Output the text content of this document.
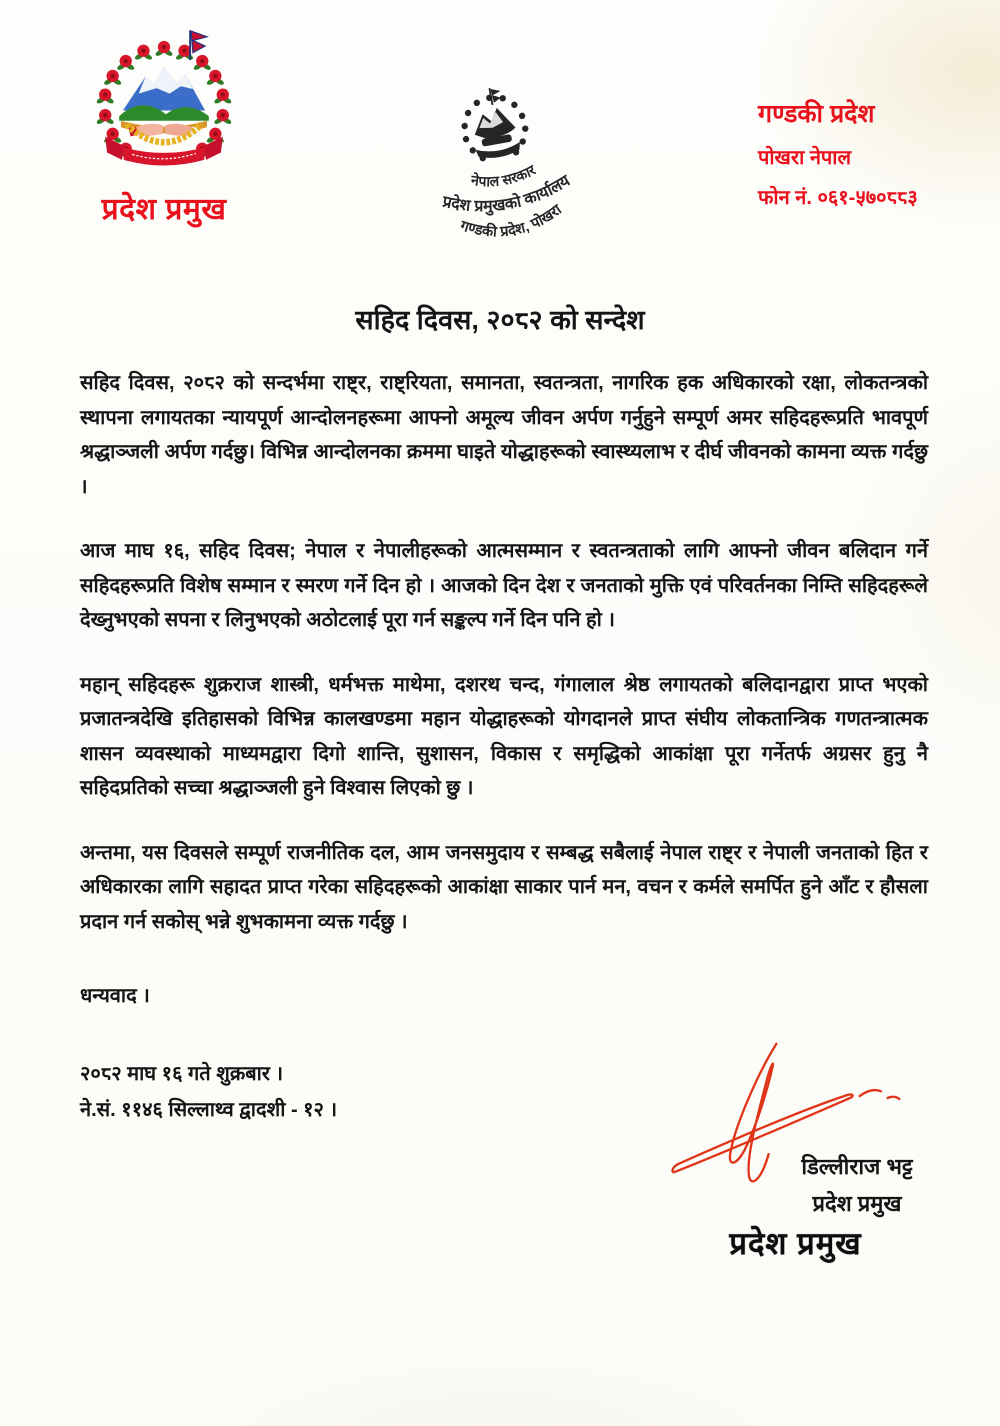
प्रदेश प्रमुख
नेपाल सरकार
प्रदेश प्रमुखको कार्यालय
गण्डकी प्रदेश, पोखरा
गण्डकी प्रदेश
पोखरा नेपाल
फोन नं. ०६१-५७०८८३
सहिद दिवस, २०८२ को सन्देश

सहिद दिवस, २०८२ को सन्दर्भमा राष्ट्र, राष्ट्रियता, समानता, स्वतन्त्रता, नागरिक हक अधिकारको रक्षा, लोकतन्त्रको स्थापना लगायतका न्यायपूर्ण आन्दोलनहरूमा आफ्नो अमूल्य जीवन अर्पण गर्नुहुने सम्पूर्ण अमर सहिदहरूप्रति भावपूर्ण श्रद्धाञ्जली अर्पण गर्दछु। विभिन्न आन्दोलनका क्रममा घाइते योद्धाहरूको स्वास्थ्यलाभ र दीर्घ जीवनको कामना व्यक्त गर्दछु ।

आज माघ १६, सहिद दिवस; नेपाल र नेपालीहरूको आत्मसम्मान र स्वतन्त्रताको लागि आफ्नो जीवन बलिदान गर्ने सहिदहरूप्रति विशेष सम्मान र स्मरण गर्ने दिन हो । आजको दिन देश र जनताको मुक्ति एवं परिवर्तनका निम्ति सहिदहरूले देख्नुभएको सपना र लिनुभएको अठोटलाई पूरा गर्न सङ्कल्प गर्ने दिन पनि हो ।

महान् सहिदहरू शुक्रराज शास्त्री, धर्मभक्त माथेमा, दशरथ चन्द, गंगालाल श्रेष्ठ लगायतको बलिदानद्वारा प्राप्त भएको प्रजातन्त्रदेखि इतिहासको विभिन्न कालखण्डमा महान योद्धाहरूको योगदानले प्राप्त संघीय लोकतान्त्रिक गणतन्त्रात्मक शासन व्यवस्थाको माध्यमद्वारा दिगो शान्ति, सुशासन, विकास र समृद्धिको आकांक्षा पूरा गर्नेतर्फ अग्रसर हुनु नै सहिदप्रतिको सच्चा श्रद्धाञ्जली हुने विश्वास लिएको छु ।

अन्तमा, यस दिवसले सम्पूर्ण राजनीतिक दल, आम जनसमुदाय र सम्बद्ध सबैलाई नेपाल राष्ट्र र नेपाली जनताको हित र अधिकारका लागि सहादत प्राप्त गरेका सहिदहरूको आकांक्षा साकार पार्न मन, वचन र कर्मले समर्पित हुने आँट र हौसला प्रदान गर्न सकोस् भन्ने शुभकामना व्यक्त गर्दछु ।

धन्यवाद ।
२०८२ माघ १६ गते शुक्रबार ।
ने.सं. ११४६ सिल्लाथ्व द्वादशी - १२ ।
डिल्लीराज भट्ट
प्रदेश प्रमुख
प्रदेश प्रमुख
